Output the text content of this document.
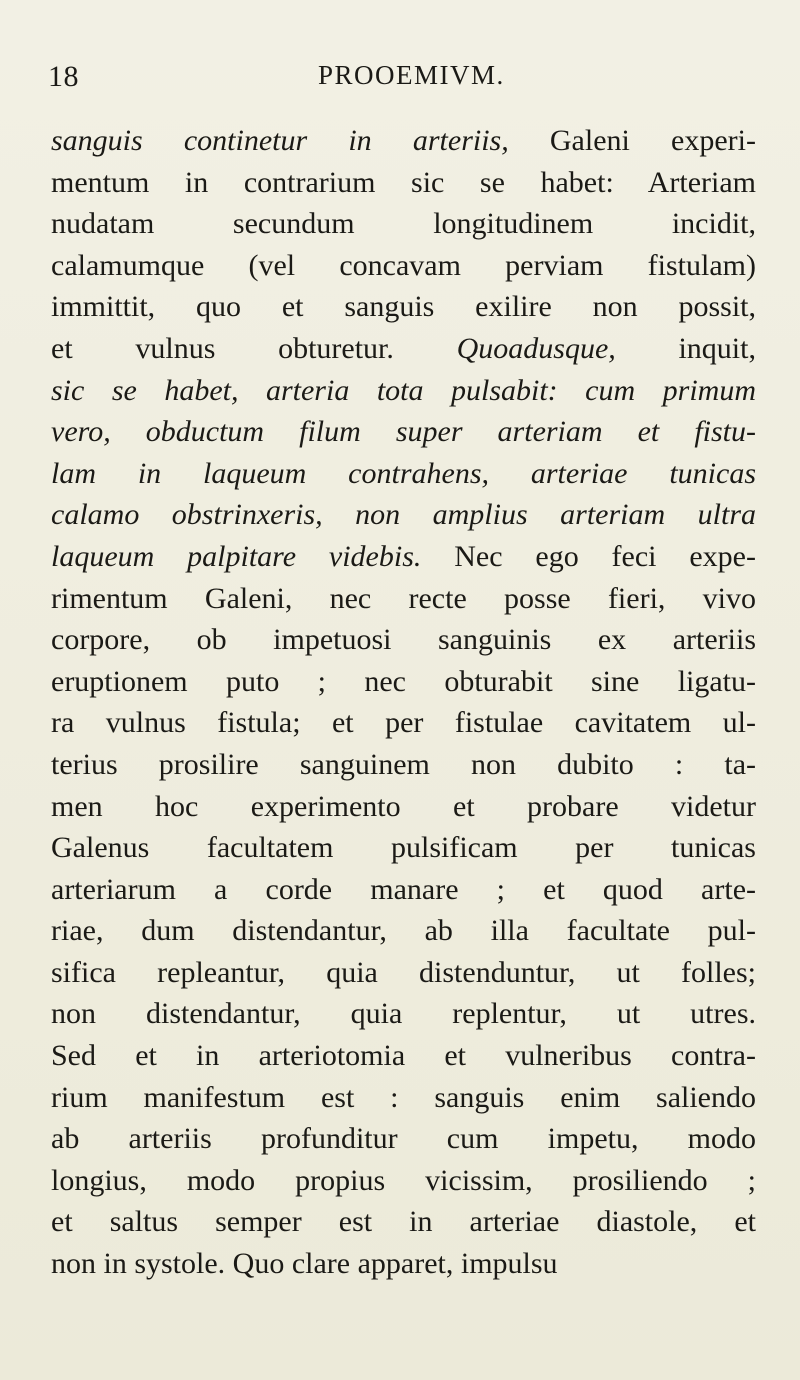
18	PROOEMIVM.
sanguis continetur in arteriis, Galeni experi-
mentum in contrarium sic se habet: Arteriam
nudatam secundum longitudinem incidit,
calamumque (vel concavam perviam fistulam)
immittit, quo et sanguis exilire non possit,
et vulnus obturetur. Quoadusque, inquit,
sic se habet, arteria tota pulsabit: cum primum
vero, obductum filum super arteriam et fistu-
lam in laqueum contrahens, arteriae tunicas
calamo obstrinxeris, non amplius arteriam ultra
laqueum palpitare videbis. Nec ego feci expe-
rimentum Galeni, nec recte posse fieri, vivo
corpore, ob impetuosi sanguinis ex arteriis
eruptionem puto ; nec obturabit sine ligatu-
ra vulnus fistula; et per fistulae cavitatem ul-
terius prosilire sanguinem non dubito : ta-
men hoc experimento et probare videtur
Galenus facultatem pulsificam per tunicas
arteriarum a corde manare ; et quod arte-
riae, dum distendantur, ab illa facultate pul-
sifica repleantur, quia distenduntur, ut folles;
non distendantur, quia replentur, ut utres.
Sed et in arteriotomia et vulneribus contra-
rium manifestum est : sanguis enim saliendo
ab arteriis profunditur cum impetu, modo
longius, modo propius vicissim, prosiliendo ;
et saltus semper est in arteriae diastole, et
non in systole. Quo clare apparet, impulsu
